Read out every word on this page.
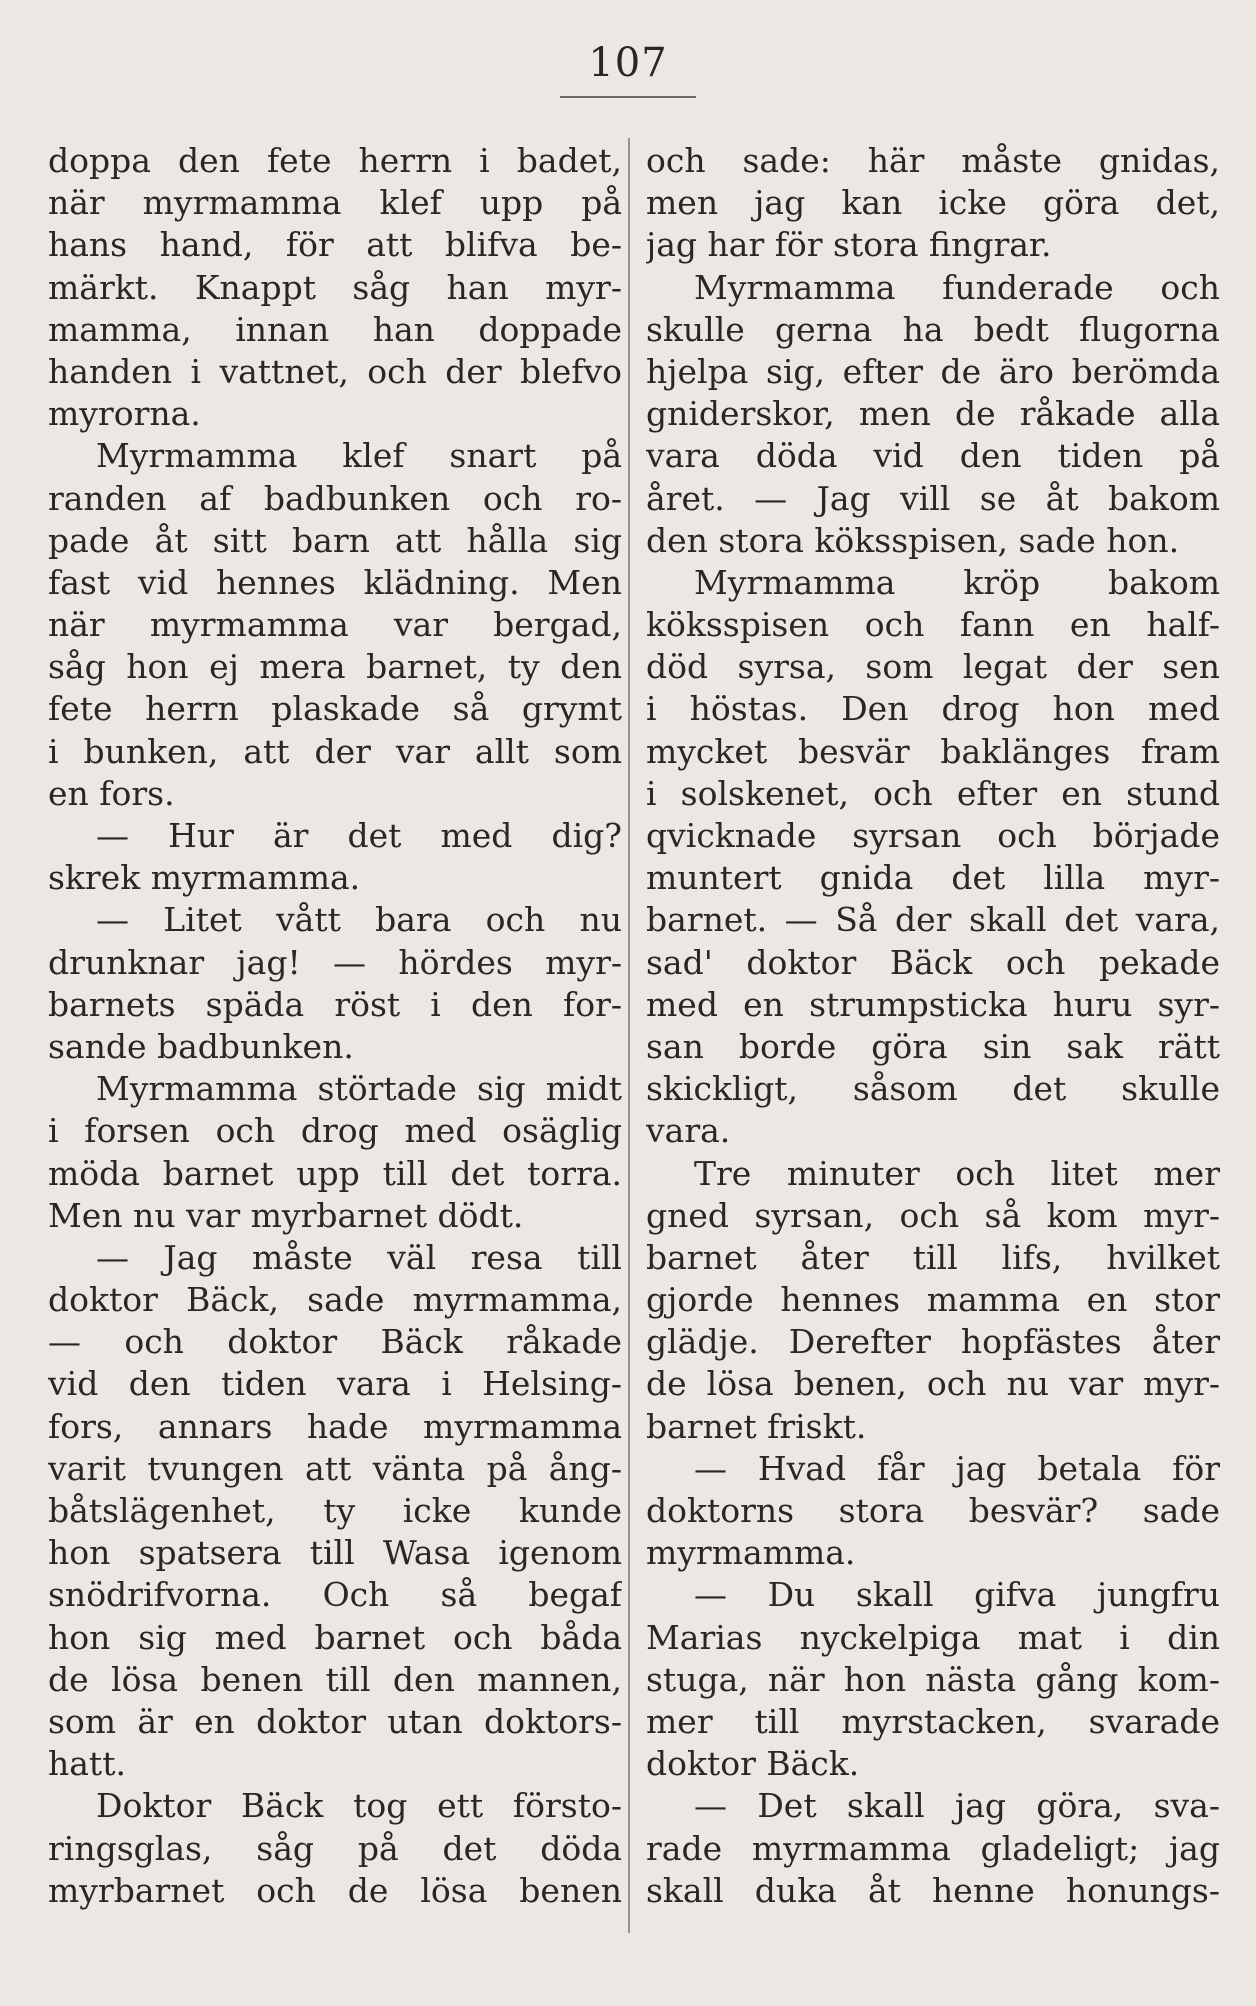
107
doppa den fete herrn i badet,
när myrmamma klef upp på
hans hand, för att blifva be-
märkt. Knappt såg han myr-
mamma, innan han doppade
handen i vattnet, och der blefvo
myrorna.
Myrmamma klef snart på
randen af badbunken och ro-
pade åt sitt barn att hålla sig
fast vid hennes klädning. Men
när myrmamma var bergad,
såg hon ej mera barnet, ty den
fete herrn plaskade så grymt
i bunken, att der var allt som
en fors.
— Hur är det med dig?
skrek myrmamma.
— Litet vått bara och nu
drunknar jag! — hördes myr-
barnets späda röst i den for-
sande badbunken.
Myrmamma störtade sig midt
i forsen och drog med osäglig
möda barnet upp till det torra.
Men nu var myrbarnet dödt.
— Jag måste väl resa till
doktor Bäck, sade myrmamma,
— och doktor Bäck råkade
vid den tiden vara i Helsing-
fors, annars hade myrmamma
varit tvungen att vänta på ång-
båtslägenhet, ty icke kunde
hon spatsera till Wasa igenom
snödrifvorna. Och så begaf
hon sig med barnet och båda
de lösa benen till den mannen,
som är en doktor utan doktors-
hatt.
Doktor Bäck tog ett försto-
ringsglas, såg på det döda
myrbarnet och de lösa benen
och sade: här måste gnidas,
men jag kan icke göra det,
jag har för stora fingrar.
Myrmamma funderade och
skulle gerna ha bedt flugorna
hjelpa sig, efter de äro berömda
gniderskor, men de råkade alla
vara döda vid den tiden på
året. — Jag vill se åt bakom
den stora köksspisen, sade hon.
Myrmamma kröp bakom
köksspisen och fann en half-
död syrsa, som legat der sen
i höstas. Den drog hon med
mycket besvär baklänges fram
i solskenet, och efter en stund
qvicknade syrsan och började
muntert gnida det lilla myr-
barnet. — Så der skall det vara,
sad' doktor Bäck och pekade
med en strumpsticka huru syr-
san borde göra sin sak rätt
skickligt, såsom det skulle
vara.
Tre minuter och litet mer
gned syrsan, och så kom myr-
barnet åter till lifs, hvilket
gjorde hennes mamma en stor
glädje. Derefter hopfästes åter
de lösa benen, och nu var myr-
barnet friskt.
— Hvad får jag betala för
doktorns stora besvär? sade
myrmamma.
— Du skall gifva jungfru
Marias nyckelpiga mat i din
stuga, när hon nästa gång kom-
mer till myrstacken, svarade
doktor Bäck.
— Det skall jag göra, sva-
rade myrmamma gladeligt; jag
skall duka åt henne honungs-
